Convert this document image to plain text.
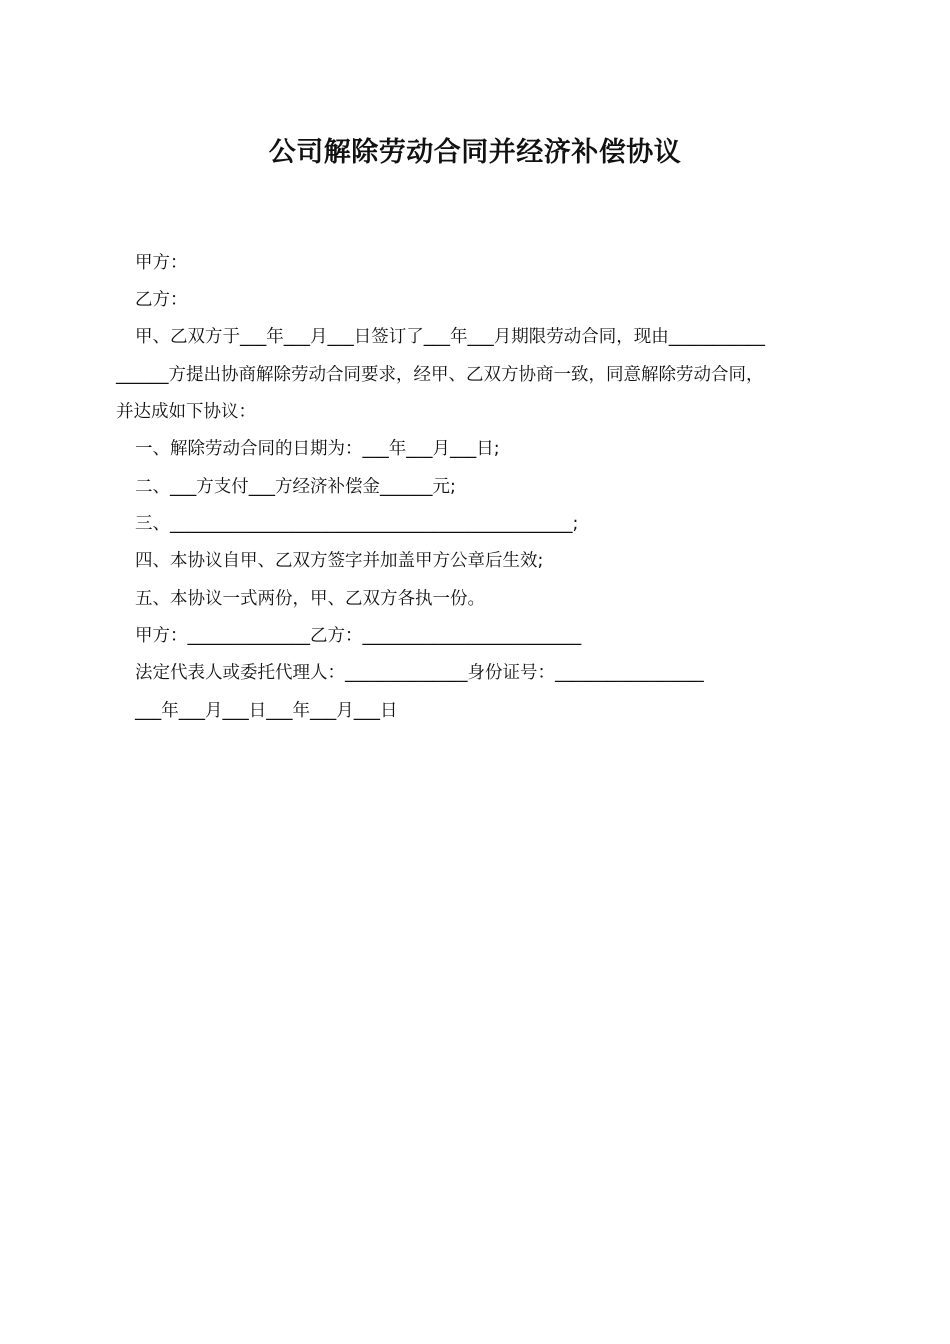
公司解除劳动合同并经济补偿协议
甲方：
乙方：
甲、乙双方于___年___月___日签订了___年___月期限劳动合同，现由___________
______方提出协商解除劳动合同要求，经甲、乙双方协商一致，同意解除劳动合同，
并达成如下协议：
一、解除劳动合同的日期为：___年___月___日;
二、___方支付___方经济补偿金______元;
三、______________________________________________;
四、本协议自甲、乙双方签字并加盖甲方公章后生效;
五、本协议一式两份，甲、乙双方各执一份。
甲方：______________乙方：_________________________
法定代表人或委托代理人：______________身份证号：_________________
___年___月___日___年___月___日
